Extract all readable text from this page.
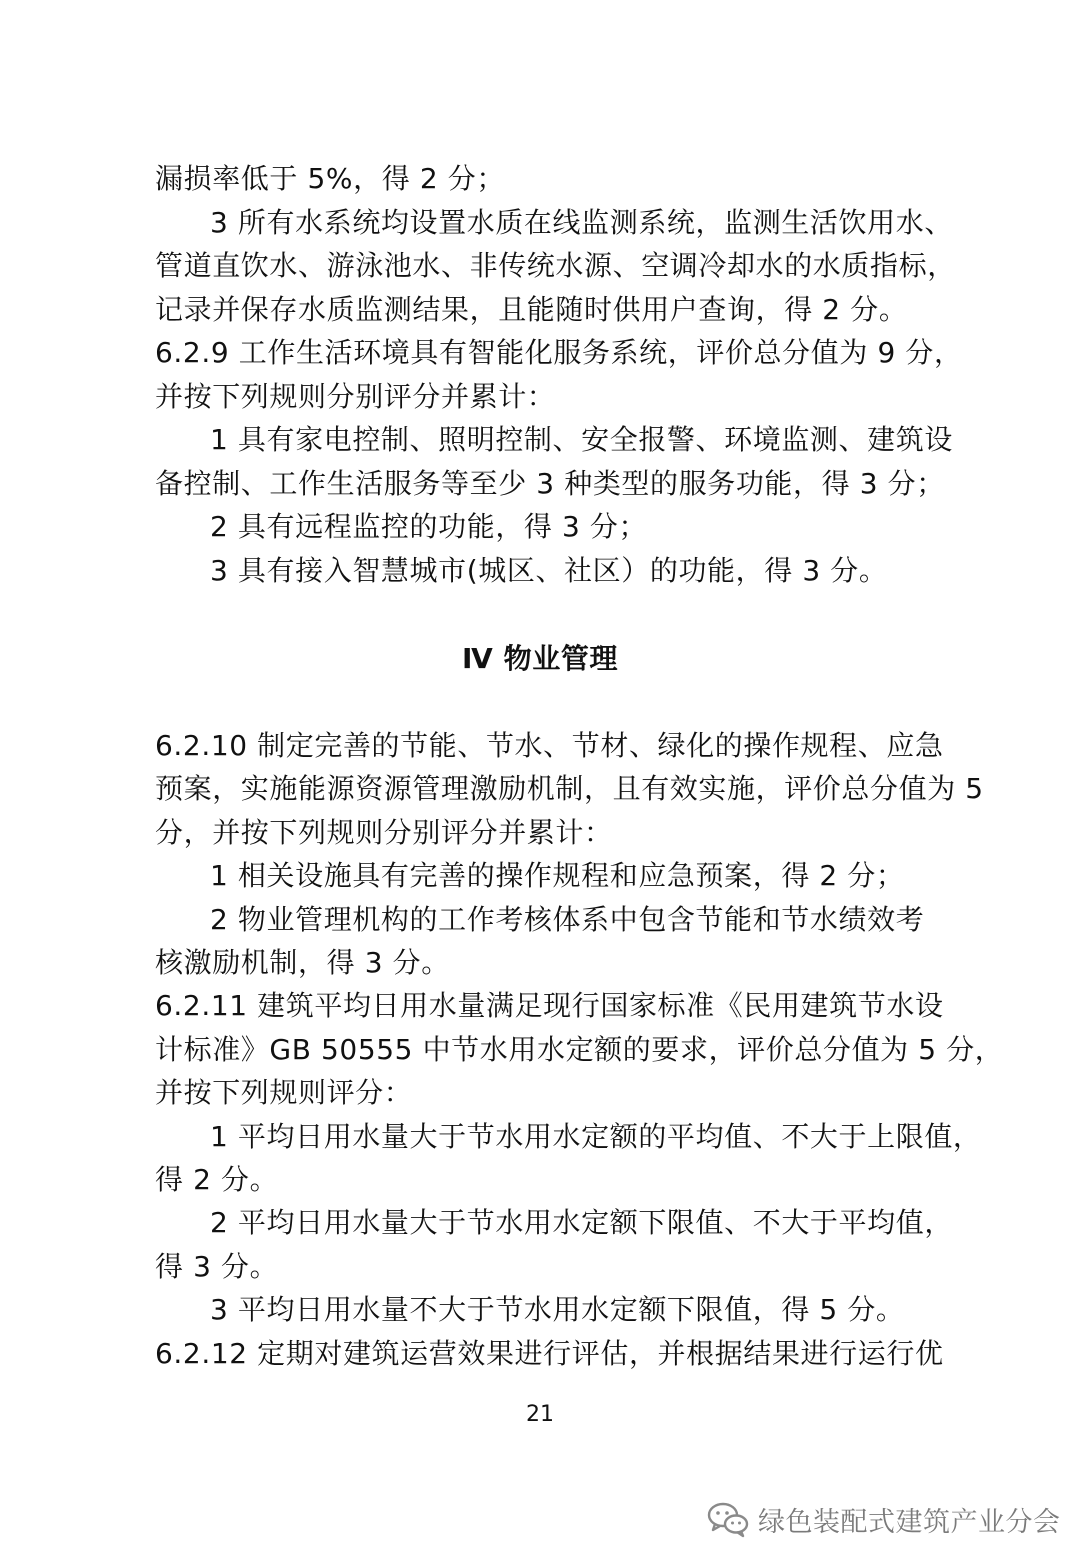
漏损率低于 5%，得 2 分；
3 所有水系统均设置水质在线监测系统，监测生活饮用水、
管道直饮水、游泳池水、非传统水源、空调冷却水的水质指标，
记录并保存水质监测结果，且能随时供用户查询，得 2 分。
6.2.9 工作生活环境具有智能化服务系统，评价总分值为 9 分，
并按下列规则分别评分并累计：
1 具有家电控制、照明控制、安全报警、环境监测、建筑设
备控制、工作生活服务等至少 3 种类型的服务功能，得 3 分；
2 具有远程监控的功能，得 3 分；
3 具有接入智慧城市(城区、社区）的功能，得 3 分。
Ⅳ 物业管理
6.2.10 制定完善的节能、节水、节材、绿化的操作规程、应急
预案，实施能源资源管理激励机制，且有效实施，评价总分值为 5
分，并按下列规则分别评分并累计：
1 相关设施具有完善的操作规程和应急预案，得 2 分；
2 物业管理机构的工作考核体系中包含节能和节水绩效考
核激励机制，得 3 分。
6.2.11 建筑平均日用水量满足现行国家标准《民用建筑节水设
计标准》GB 50555 中节水用水定额的要求，评价总分值为 5 分，
并按下列规则评分：
1 平均日用水量大于节水用水定额的平均值、不大于上限值，
得 2 分。
2 平均日用水量大于节水用水定额下限值、不大于平均值，
得 3 分。
3 平均日用水量不大于节水用水定额下限值，得 5 分。
6.2.12 定期对建筑运营效果进行评估，并根据结果进行运行优
21
绿色装配式建筑产业分会
